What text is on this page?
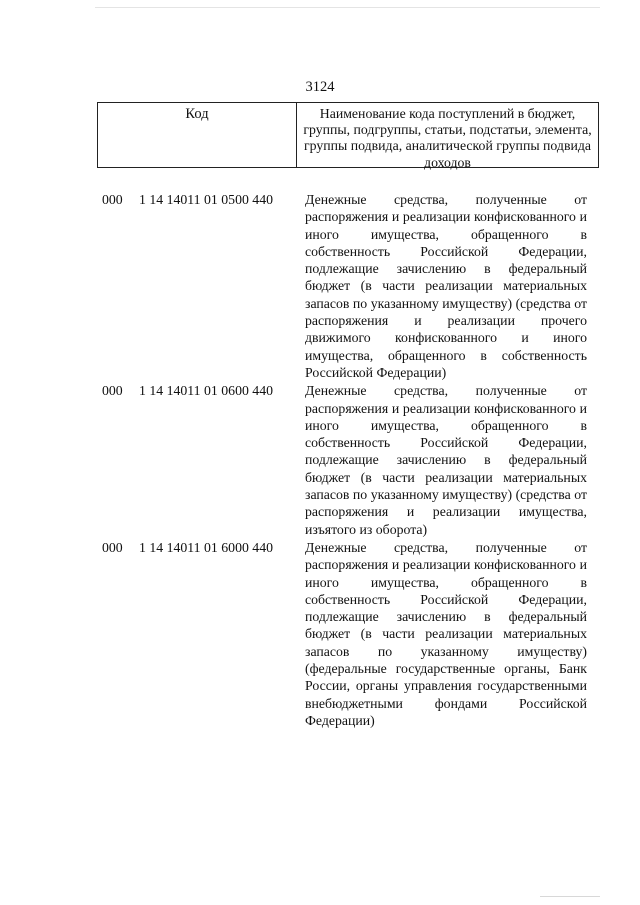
3124
Код	Наименование кода поступлений в бюджет, группы, подгруппы, статьи, подстатьи, элемента, группы подвида, аналитической группы подвида доходов
000	1 14 14011 01 0500 440	Денежные средства, полученные от распоряжения и реализации конфискованного и иного имущества, обращенного в собственность Российской Федерации, подлежащие зачислению в федеральный бюджет (в части реализации материальных запасов по указанному имуществу) (средства от распоряжения и реализации прочего движимого конфискованного и иного имущества, обращенного в собственность Российской Федерации)
000	1 14 14011 01 0600 440	Денежные средства, полученные от распоряжения и реализации конфискованного и иного имущества, обращенного в собственность Российской Федерации, подлежащие зачислению в федеральный бюджет (в части реализации материальных запасов по указанному имуществу) (средства от распоряжения и реализации имущества, изъятого из оборота)
000	1 14 14011 01 6000 440	Денежные средства, полученные от распоряжения и реализации конфискованного и иного имущества, обращенного в собственность Российской Федерации, подлежащие зачислению в федеральный бюджет (в части реализации материальных запасов по указанному имуществу) (федеральные государственные органы, Банк России, органы управления государственными внебюджетными фондами Российской Федерации)
